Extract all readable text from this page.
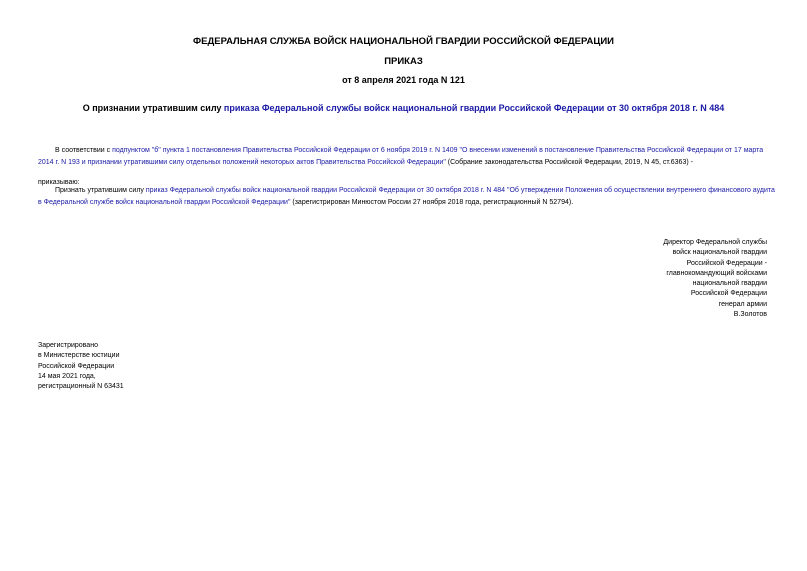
ФЕДЕРАЛЬНАЯ СЛУЖБА ВОЙСК НАЦИОНАЛЬНОЙ ГВАРДИИ РОССИЙСКОЙ ФЕДЕРАЦИИ
ПРИКАЗ
от 8 апреля 2021 года N 121
О признании утратившим силу приказа Федеральной службы войск национальной гвардии Российской Федерации от 30 октября 2018 г. N 484
В соответствии с подпунктом "б" пункта 1 постановления Правительства Российской Федерации от 6 ноября 2019 г. N 1409 "О внесении изменений в постановление Правительства Российской Федерации от 17 марта 2014 г. N 193 и признании утратившими силу отдельных положений некоторых актов Правительства Российской Федерации" (Собрание законодательства Российской Федерации, 2019, N 45, ст.6363) -
приказываю:
Признать утратившим силу приказ Федеральной службы войск национальной гвардии Российской Федерации от 30 октября 2018 г. N 484 "Об утверждении Положения об осуществлении внутреннего финансового аудита в Федеральной службе войск национальной гвардии Российской Федерации" (зарегистрирован Минюстом России 27 ноября 2018 года, регистрационный N 52794).
Директор Федеральной службы
войск национальной гвардии
Российской Федерации -
главнокомандующий войсками
национальной гвардии
Российской Федерации
генерал армии
В.Золотов
Зарегистрировано
в Министерстве юстиции
Российской Федерации
14 мая 2021 года,
регистрационный N 63431
